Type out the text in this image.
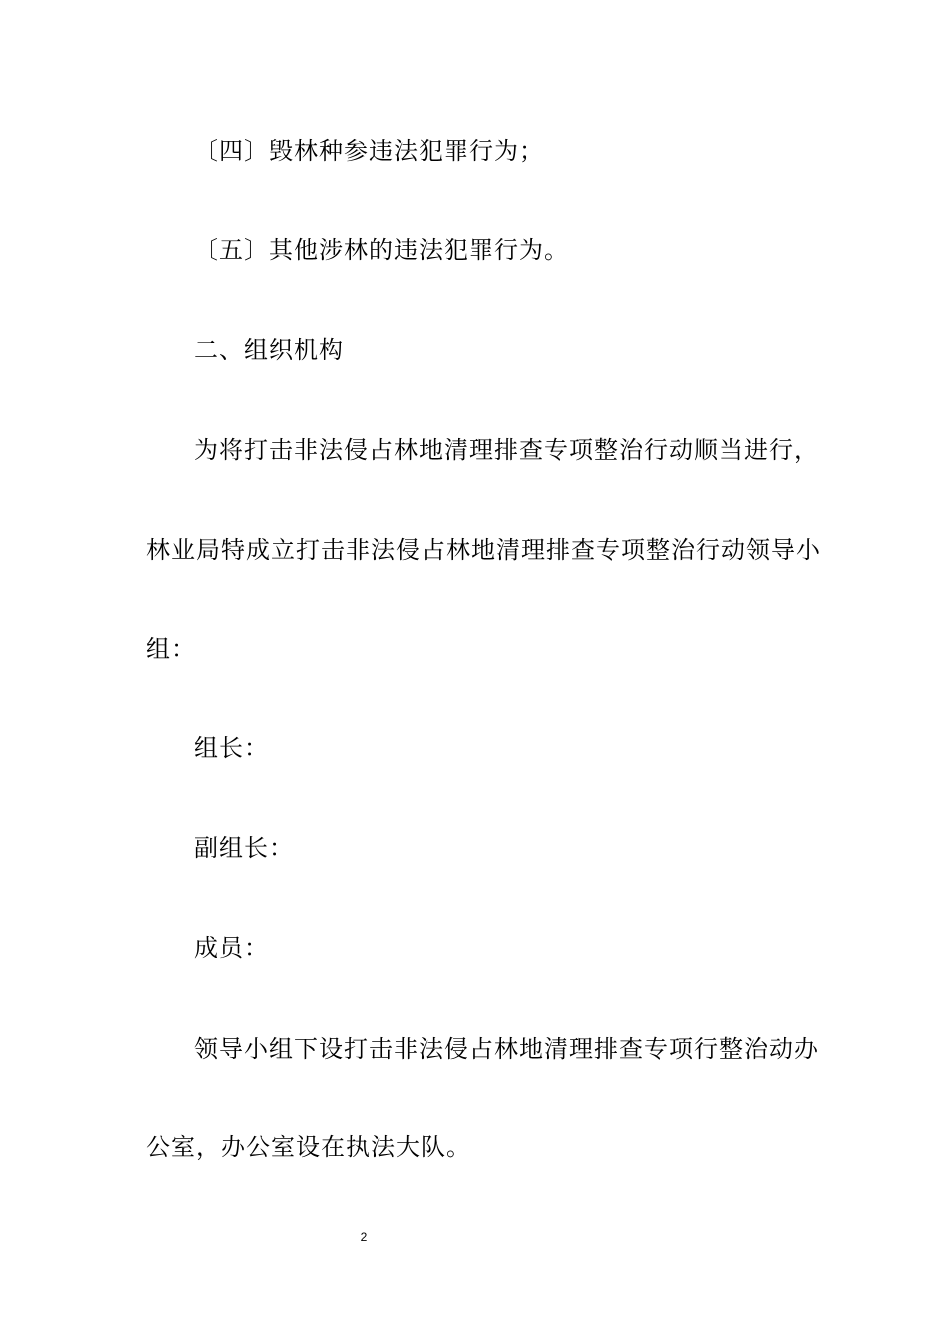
〔四〕毁林种参违法犯罪行为；
〔五〕其他涉林的违法犯罪行为。
二、组织机构
为将打击非法侵占林地清理排查专项整治行动顺当进行，
林业局特成立打击非法侵占林地清理排查专项整治行动领导小
组：
组长：
副组长：
成员：
领导小组下设打击非法侵占林地清理排查专项行整治动办
公室，办公室设在执法大队。
2
